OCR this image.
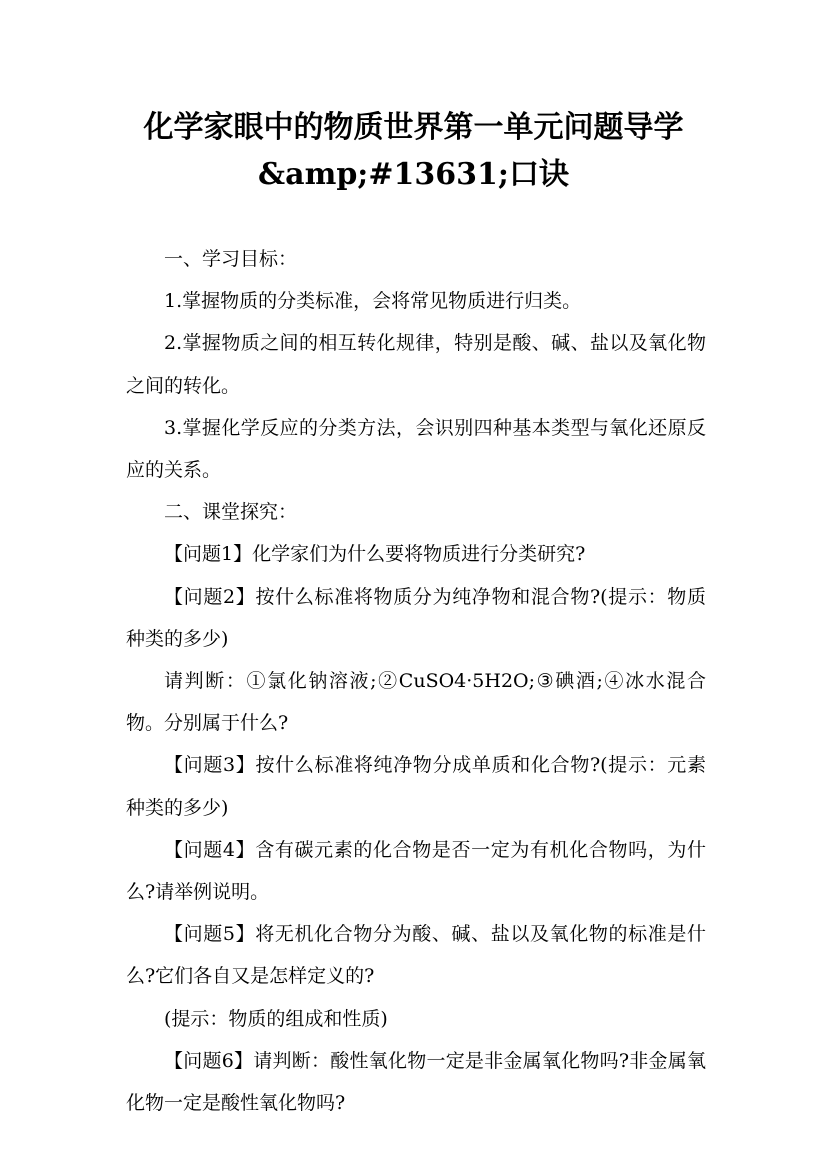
化学家眼中的物质世界第一单元问题导学&amp;#13631;口诀

一、学习目标：

1.掌握物质的分类标准，会将常见物质进行归类。

2.掌握物质之间的相互转化规律，特别是酸、碱、盐以及氧化物之间的转化。

3.掌握化学反应的分类方法，会识别四种基本类型与氧化还原反应的关系。

二、课堂探究：

【问题1】化学家们为什么要将物质进行分类研究?

【问题2】按什么标准将物质分为纯净物和混合物?(提示：物质种类的多少)

请判断：①氯化钠溶液;②CuSO4·5H2O;③碘酒;④冰水混合物。分别属于什么?

【问题3】按什么标准将纯净物分成单质和化合物?(提示：元素种类的多少)

【问题4】含有碳元素的化合物是否一定为有机化合物吗，为什么?请举例说明。

【问题5】将无机化合物分为酸、碱、盐以及氧化物的标准是什么?它们各自又是怎样定义的?

(提示：物质的组成和性质)

【问题6】请判断：酸性氧化物一定是非金属氧化物吗?非金属氧化物一定是酸性氧化物吗?
